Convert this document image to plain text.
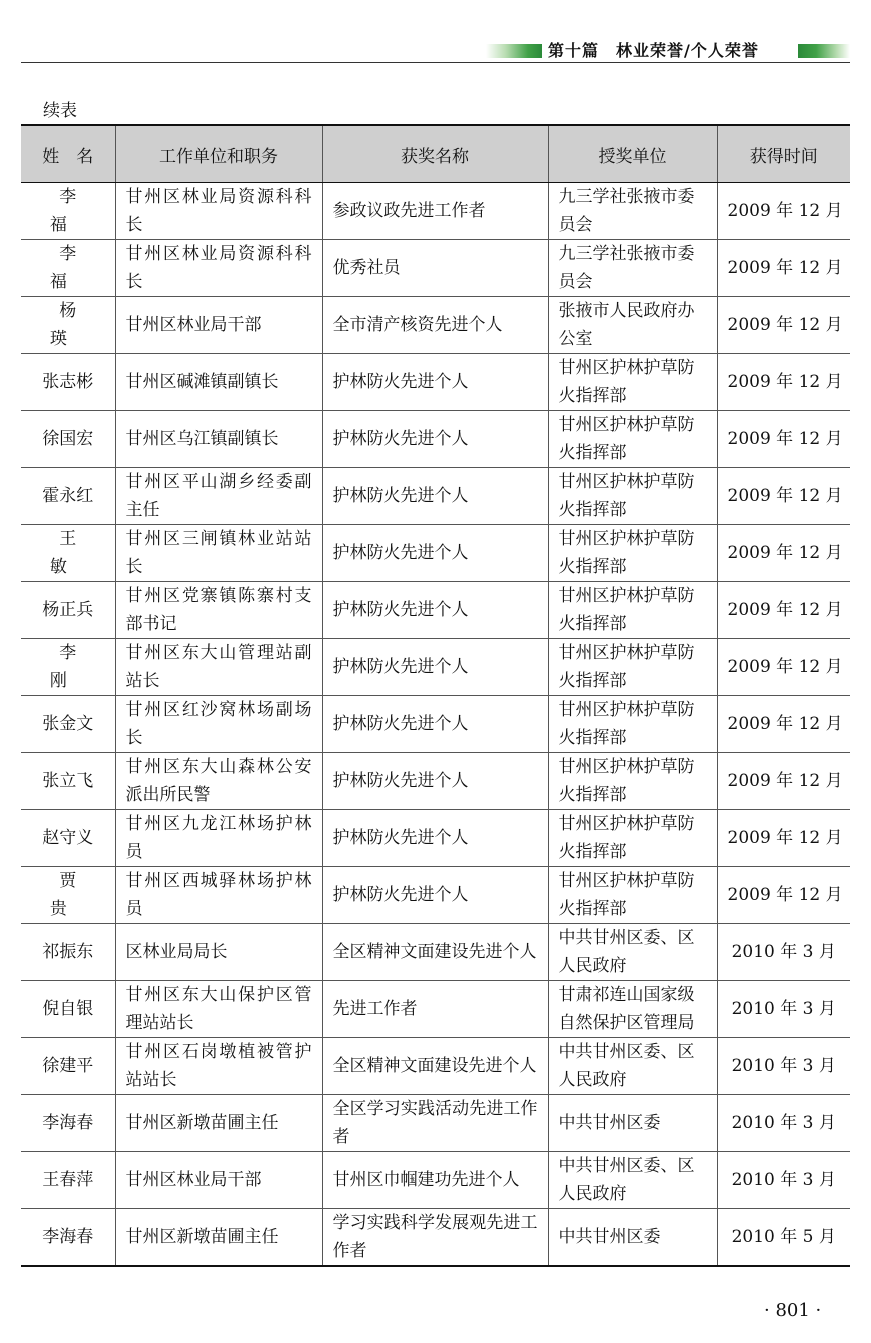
第十篇　林业荣誉/个人荣誉
续表
姓　名	工作单位和职务	获奖名称	授奖单位	获得时间
李福	甘州区林业局资源科科长	参政议政先进工作者	九三学社张掖市委员会	2009 年 12 月
李福	甘州区林业局资源科科长	优秀社员	九三学社张掖市委员会	2009 年 12 月
杨瑛	甘州区林业局干部	全市清产核资先进个人	张掖市人民政府办公室	2009 年 12 月
张志彬	甘州区碱滩镇副镇长	护林防火先进个人	甘州区护林护草防火指挥部	2009 年 12 月
徐国宏	甘州区乌江镇副镇长	护林防火先进个人	甘州区护林护草防火指挥部	2009 年 12 月
霍永红	甘州区平山湖乡经委副主任	护林防火先进个人	甘州区护林护草防火指挥部	2009 年 12 月
王敏	甘州区三闸镇林业站站长	护林防火先进个人	甘州区护林护草防火指挥部	2009 年 12 月
杨正兵	甘州区党寨镇陈寨村支部书记	护林防火先进个人	甘州区护林护草防火指挥部	2009 年 12 月
李刚	甘州区东大山管理站副站长	护林防火先进个人	甘州区护林护草防火指挥部	2009 年 12 月
张金文	甘州区红沙窝林场副场长	护林防火先进个人	甘州区护林护草防火指挥部	2009 年 12 月
张立飞	甘州区东大山森林公安派出所民警	护林防火先进个人	甘州区护林护草防火指挥部	2009 年 12 月
赵守义	甘州区九龙江林场护林员	护林防火先进个人	甘州区护林护草防火指挥部	2009 年 12 月
贾贵	甘州区西城驿林场护林员	护林防火先进个人	甘州区护林护草防火指挥部	2009 年 12 月
祁振东	区林业局局长	全区精神文面建设先进个人	中共甘州区委、区人民政府	2010 年 3 月
倪自银	甘州区东大山保护区管理站站长	先进工作者	甘肃祁连山国家级自然保护区管理局	2010 年 3 月
徐建平	甘州区石岗墩植被管护站站长	全区精神文面建设先进个人	中共甘州区委、区人民政府	2010 年 3 月
李海春	甘州区新墩苗圃主任	全区学习实践活动先进工作者	中共甘州区委	2010 年 3 月
王春萍	甘州区林业局干部	甘州区巾帼建功先进个人	中共甘州区委、区人民政府	2010 年 3 月
李海春	甘州区新墩苗圃主任	学习实践科学发展观先进工作者	中共甘州区委	2010 年 5 月
· 801 ·
